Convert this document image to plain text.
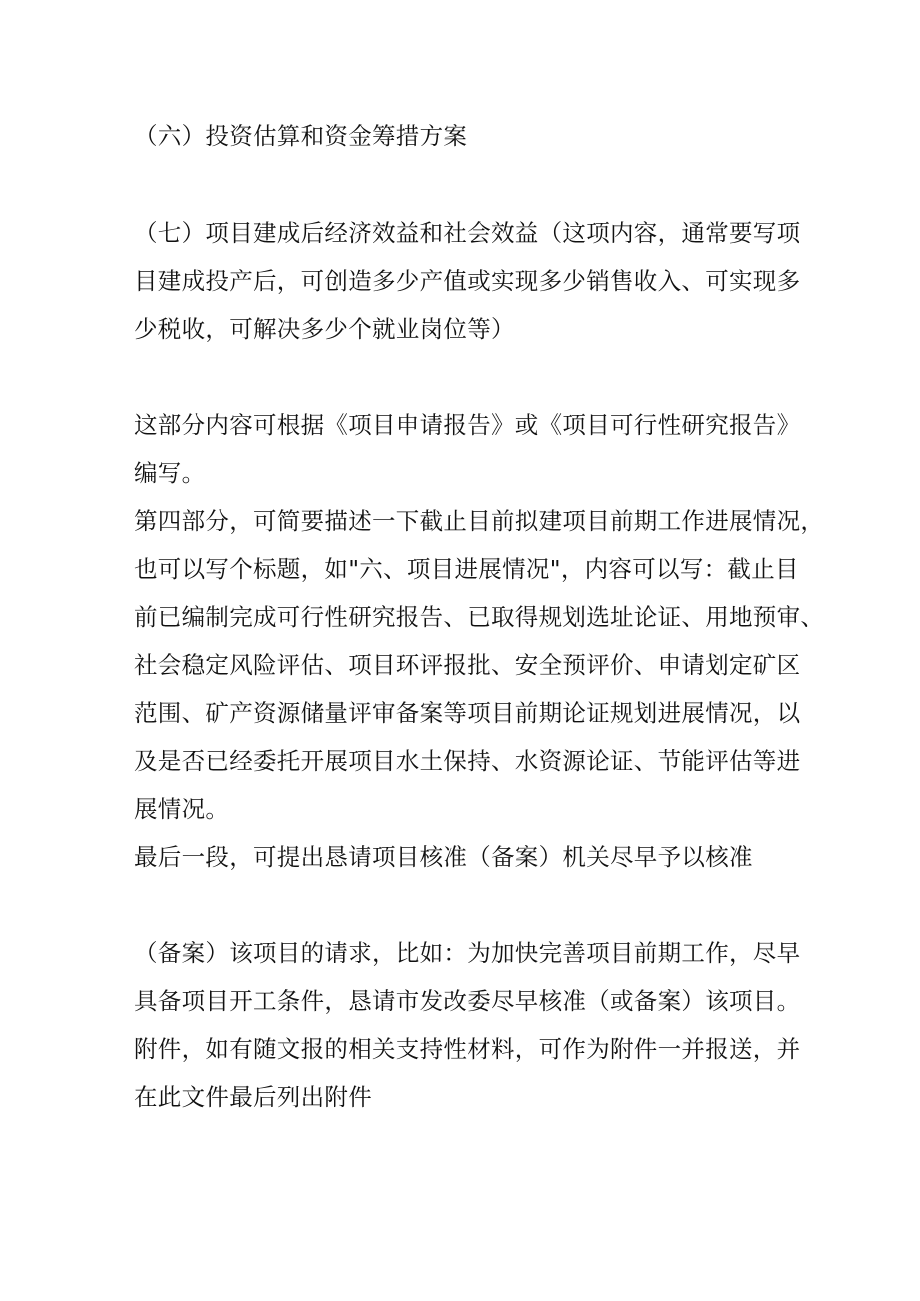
（六）投资估算和资金筹措方案

（七）项目建成后经济效益和社会效益（这项内容，通常要写项

目建成投产后，可创造多少产值或实现多少销售收入、可实现多

少税收，可解决多少个就业岗位等）

这部分内容可根据《项目申请报告》或《项目可行性研究报告》

编写。

第四部分，可简要描述一下截止目前拟建项目前期工作进展情况，

也可以写个标题，如"六、项目进展情况"，内容可以写：截止目

前已编制完成可行性研究报告、已取得规划选址论证、用地预审、

社会稳定风险评估、项目环评报批、安全预评价、申请划定矿区

范围、矿产资源储量评审备案等项目前期论证规划进展情况，以

及是否已经委托开展项目水土保持、水资源论证、节能评估等进

展情况。

最后一段，可提出恳请项目核准（备案）机关尽早予以核准

（备案）该项目的请求，比如：为加快完善项目前期工作，尽早

具备项目开工条件，恳请市发改委尽早核准（或备案）该项目。

附件，如有随文报的相关支持性材料，可作为附件一并报送，并

在此文件最后列出附件
